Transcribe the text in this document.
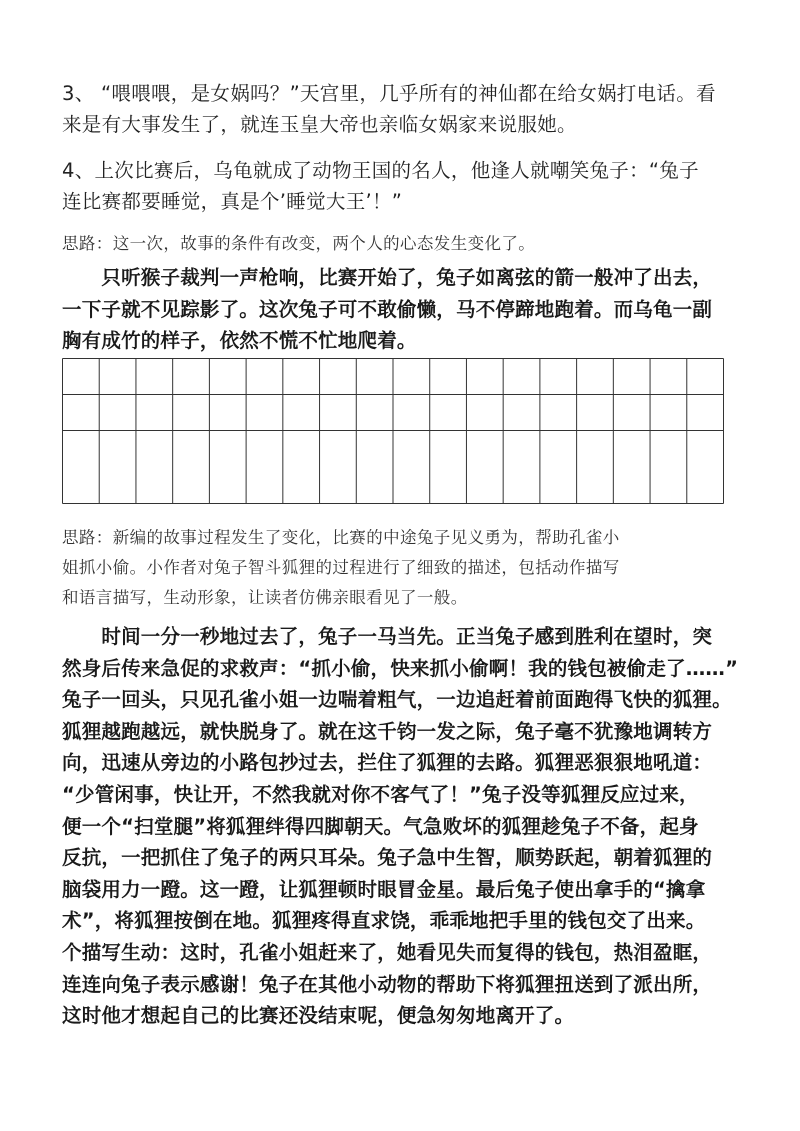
3、 “喂喂喂，是女娲吗？”天宫里，几乎所有的神仙都在给女娲打电话。看

来是有大事发生了，就连玉皇大帝也亲临女娲家来说服她。

4、上次比赛后，乌龟就成了动物王国的名人，他逢人就嘲笑兔子：“兔子

连比赛都要睡觉，真是个’睡觉大王’！”

思路：这一次，故事的条件有改变，两个人的心态发生变化了。

　　只听猴子裁判一声枪响，比赛开始了，兔子如离弦的箭一般冲了出去，

一下子就不见踪影了。这次兔子可不敢偷懒，马不停蹄地跑着。而乌龟一副

胸有成竹的样子，依然不慌不忙地爬着。

思路：新编的故事过程发生了变化，比赛的中途兔子见义勇为，帮助孔雀小

姐抓小偷。小作者对兔子智斗狐狸的过程进行了细致的描述，包括动作描写

和语言描写，生动形象，让读者仿佛亲眼看见了一般。

　　时间一分一秒地过去了，兔子一马当先。正当兔子感到胜利在望时，突

然身后传来急促的求救声：“抓小偷，快来抓小偷啊！我的钱包被偷走了……”

兔子一回头，只见孔雀小姐一边喘着粗气，一边追赶着前面跑得飞快的狐狸。

狐狸越跑越远，就快脱身了。就在这千钧一发之际，兔子毫不犹豫地调转方

向，迅速从旁边的小路包抄过去，拦住了狐狸的去路。狐狸恶狠狠地吼道：

“少管闲事，快让开，不然我就对你不客气了！”兔子没等狐狸反应过来，

便一个“扫堂腿”将狐狸绊得四脚朝天。气急败坏的狐狸趁兔子不备，起身

反抗，一把抓住了兔子的两只耳朵。兔子急中生智，顺势跃起，朝着狐狸的

脑袋用力一蹬。这一蹬，让狐狸顿时眼冒金星。最后兔子使出拿手的“擒拿

术”，将狐狸按倒在地。狐狸疼得直求饶，乖乖地把手里的钱包交了出来。

个描写生动：这时，孔雀小姐赶来了，她看见失而复得的钱包，热泪盈眶，

连连向兔子表示感谢！兔子在其他小动物的帮助下将狐狸扭送到了派出所，

这时他才想起自己的比赛还没结束呢，便急匆匆地离开了。
